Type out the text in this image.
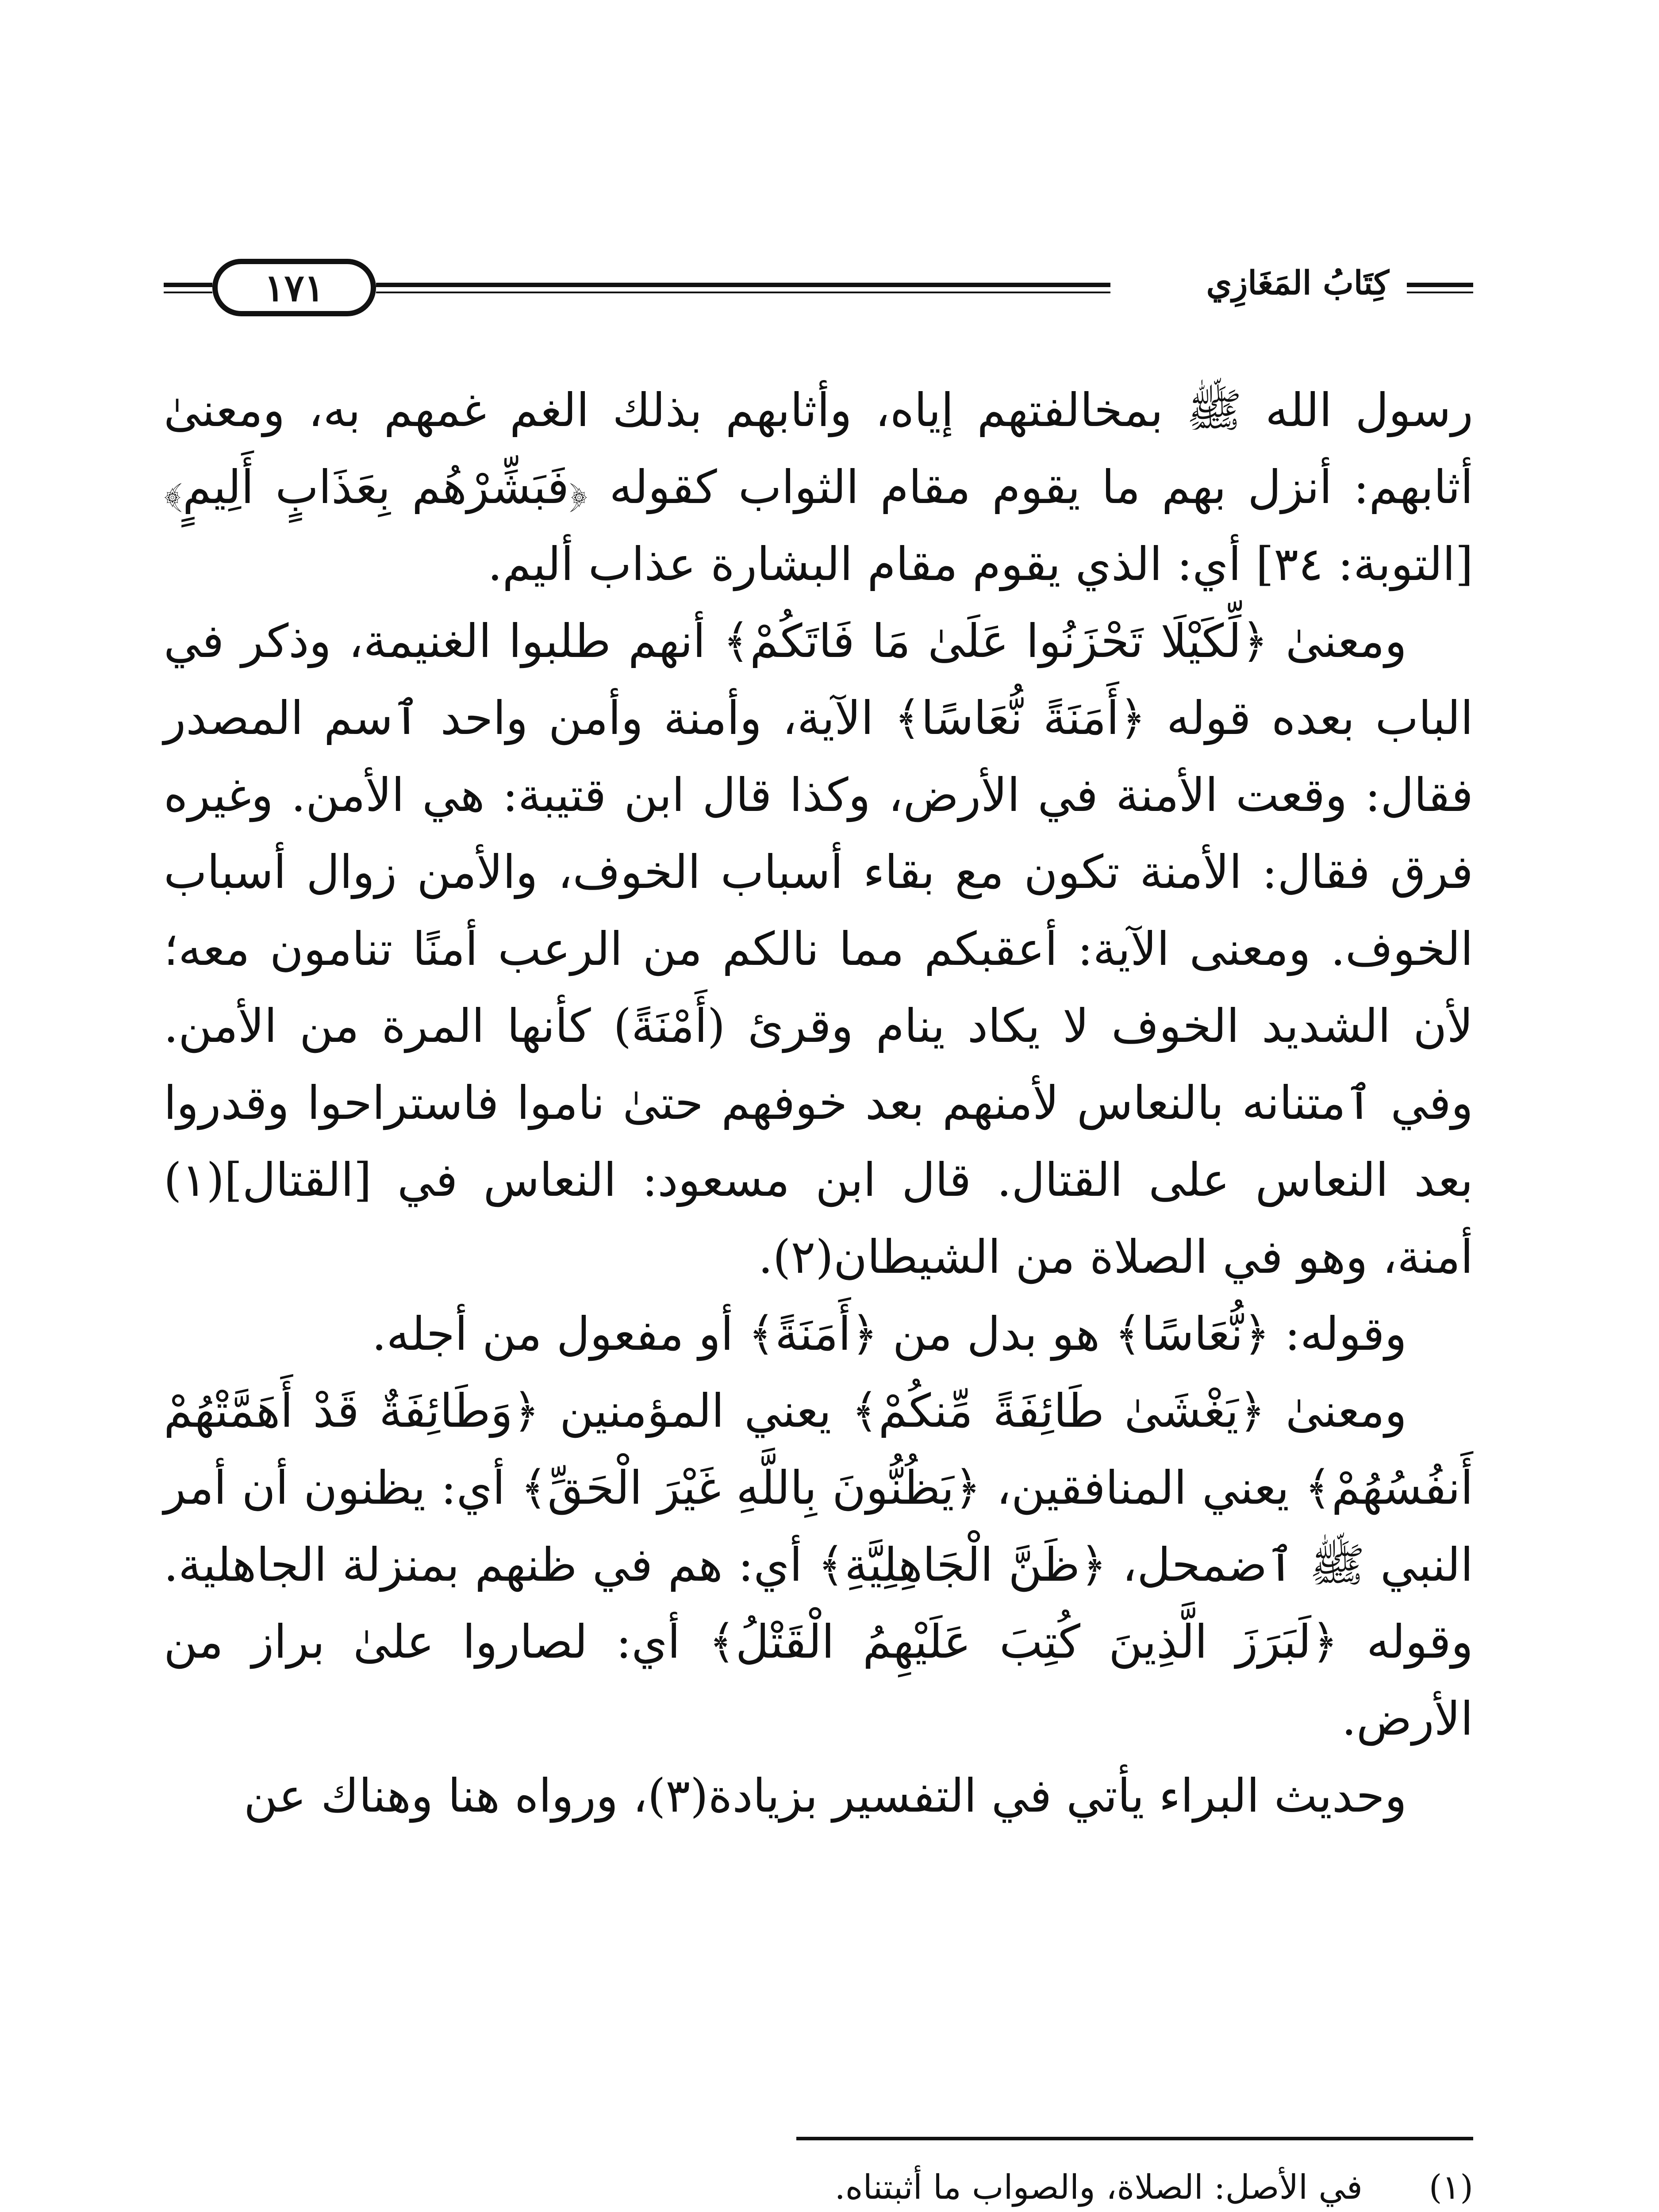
كِتَابُ المَغَازِي
١٧١

رسول الله ﷺ بمخالفتهم إياه، وأثابهم بذلك الغم غمهم به، ومعنىٰ أثابهم: أنزل بهم ما يقوم مقام الثواب كقوله ﴿فَبَشِّرْهُم بِعَذَابٍ أَلِيمٍ﴾ [التوبة: ٣٤] أي: الذي يقوم مقام البشارة عذاب أليم.

ومعنىٰ ﴿لِّكَيْلَا تَحْزَنُوا عَلَىٰ مَا فَاتَكُمْ﴾ أنهم طلبوا الغنيمة، وذكر في الباب بعده قوله ﴿أَمَنَةً نُّعَاسًا﴾ الآية، وأمنة وأمن واحد ٱسم المصدر فقال: وقعت الأمنة في الأرض، وكذا قال ابن قتيبة: هي الأمن. وغيره فرق فقال: الأمنة تكون مع بقاء أسباب الخوف، والأمن زوال أسباب الخوف. ومعنى الآية: أعقبكم مما نالكم من الرعب أمنًا تنامون معه؛ لأن الشديد الخوف لا يكاد ينام وقرئ (أَمْنَةً) كأنها المرة من الأمن. وفي ٱمتنانه بالنعاس لأمنهم بعد خوفهم حتىٰ ناموا فاستراحوا وقدروا بعد النعاس على القتال. قال ابن مسعود: النعاس في [القتال](١) أمنة، وهو في الصلاة من الشيطان(٢).

وقوله: ﴿نُّعَاسًا﴾ هو بدل من ﴿أَمَنَةً﴾ أو مفعول من أجله.

ومعنىٰ ﴿يَغْشَىٰ طَائِفَةً مِّنكُمْ﴾ يعني المؤمنين ﴿وَطَائِفَةٌ قَدْ أَهَمَّتْهُمْ أَنفُسُهُمْ﴾ يعني المنافقين، ﴿يَظُنُّونَ بِاللَّهِ غَيْرَ الْحَقِّ﴾ أي: يظنون أن أمر النبي ﷺ ٱضمحل، ﴿ظَنَّ الْجَاهِلِيَّةِ﴾ أي: هم في ظنهم بمنزلة الجاهلية. وقوله ﴿لَبَرَزَ الَّذِينَ كُتِبَ عَلَيْهِمُ الْقَتْلُ﴾ أي: لصاروا علىٰ براز من الأرض.

وحديث البراء يأتي في التفسير بزيادة(٣)، ورواه هنا وهناك عن

(١)
في الأصل: الصلاة، والصواب ما أثبتناه.
